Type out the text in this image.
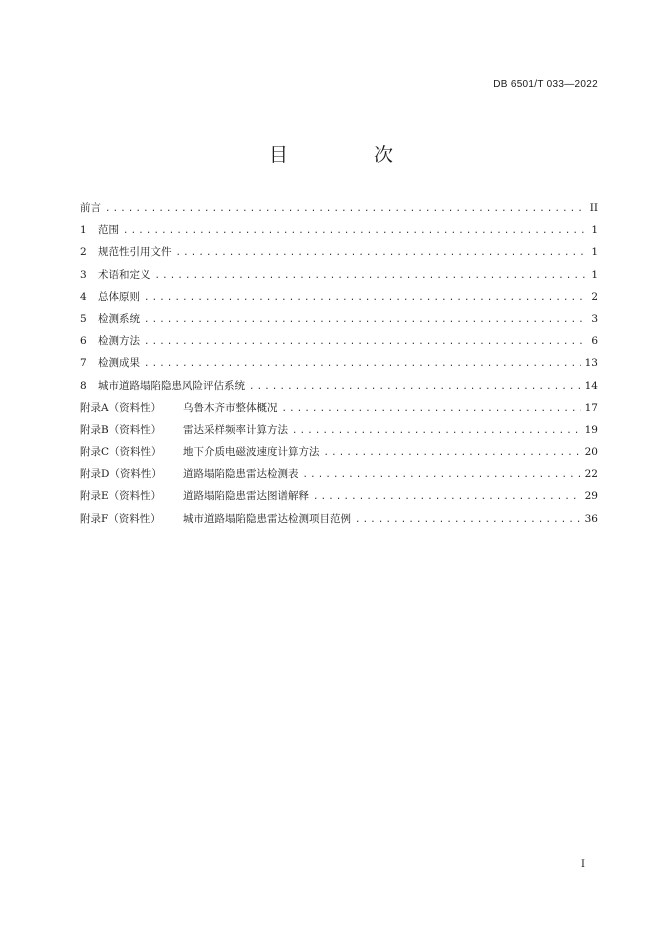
DB 6501/T 033—2022
目 次
前言 .....	II
1 范围 .....	1
2 规范性引用文件 .....	1
3 术语和定义 .....	1
4 总体原则 .....	2
5 检测系统 .....	3
6 检测方法 .....	6
7 检测成果 .....	13
8 城市道路塌陷隐患风险评估系统 .....	14
附录A（资料性） 乌鲁木齐市整体概况 .....	17
附录B（资料性） 雷达采样频率计算方法 .....	19
附录C（资料性） 地下介质电磁波速度计算方法 .....	20
附录D（资料性） 道路塌陷隐患雷达检测表 .....	22
附录E（资料性） 道路塌陷隐患雷达图谱解释 .....	29
附录F（资料性） 城市道路塌陷隐患雷达检测项目范例 .....	36
I
